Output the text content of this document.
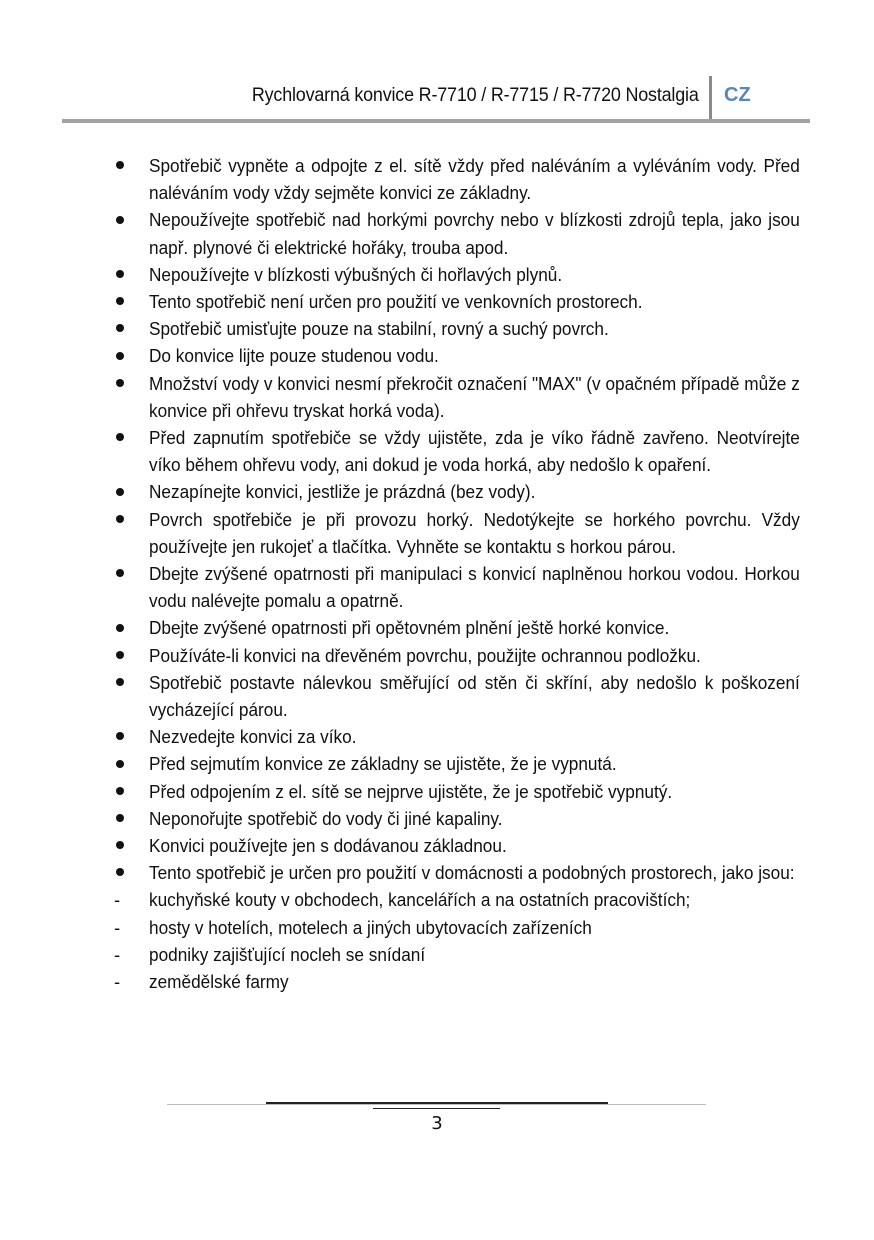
Rychlovarná konvice R-7710 / R-7715 / R-7720 Nostalgia CZ
Spotřebič vypněte a odpojte z el. sítě vždy před naléváním a vyléváním vody. Před naléváním vody vždy sejměte konvici ze základny.
Nepoužívejte spotřebič nad horkými povrchy nebo v blízkosti zdrojů tepla, jako jsou např. plynové či elektrické hořáky, trouba apod.
Nepoužívejte v blízkosti výbušných či hořlavých plynů.
Tento spotřebič není určen pro použití ve venkovních prostorech.
Spotřebič umisťujte pouze na stabilní, rovný a suchý povrch.
Do konvice lijte pouze studenou vodu.
Množství vody v konvici nesmí překročit označení "MAX" (v opačném případě může z konvice při ohřevu tryskat horká voda).
Před zapnutím spotřebiče se vždy ujistěte, zda je víko řádně zavřeno. Neotvírejte víko během ohřevu vody, ani dokud je voda horká, aby nedošlo k opaření.
Nezapínejte konvici, jestliže je prázdná (bez vody).
Povrch spotřebiče je při provozu horký. Nedotýkejte se horkého povrchu. Vždy používejte jen rukojeť a tlačítka. Vyhněte se kontaktu s horkou párou.
Dbejte zvýšené opatrnosti při manipulaci s konvicí naplněnou horkou vodou. Horkou vodu nalévejte pomalu a opatrně.
Dbejte zvýšené opatrnosti při opětovném plnění ještě horké konvice.
Používáte-li konvici na dřevěném povrchu, použijte ochrannou podložku.
Spotřebič postavte nálevkou směřující od stěn či skříní, aby nedošlo k poškození vycházející párou.
Nezvedejte konvici za víko.
Před sejmutím konvice ze základny se ujistěte, že je vypnutá.
Před odpojením z el. sítě se nejprve ujistěte, že je spotřebič vypnutý.
Neponořujte spotřebič do vody či jiné kapaliny.
Konvici používejte jen s dodávanou základnou.
Tento spotřebič je určen pro použití v domácnosti a podobných prostorech, jako jsou:
-	kuchyňské kouty v obchodech, kancelářích a na ostatních pracovištích;
-	hosty v hotelích, motelech a jiných ubytovacích zařízeních
-	podniky zajišťující nocleh se snídaní
-	zemědělské farmy
3
